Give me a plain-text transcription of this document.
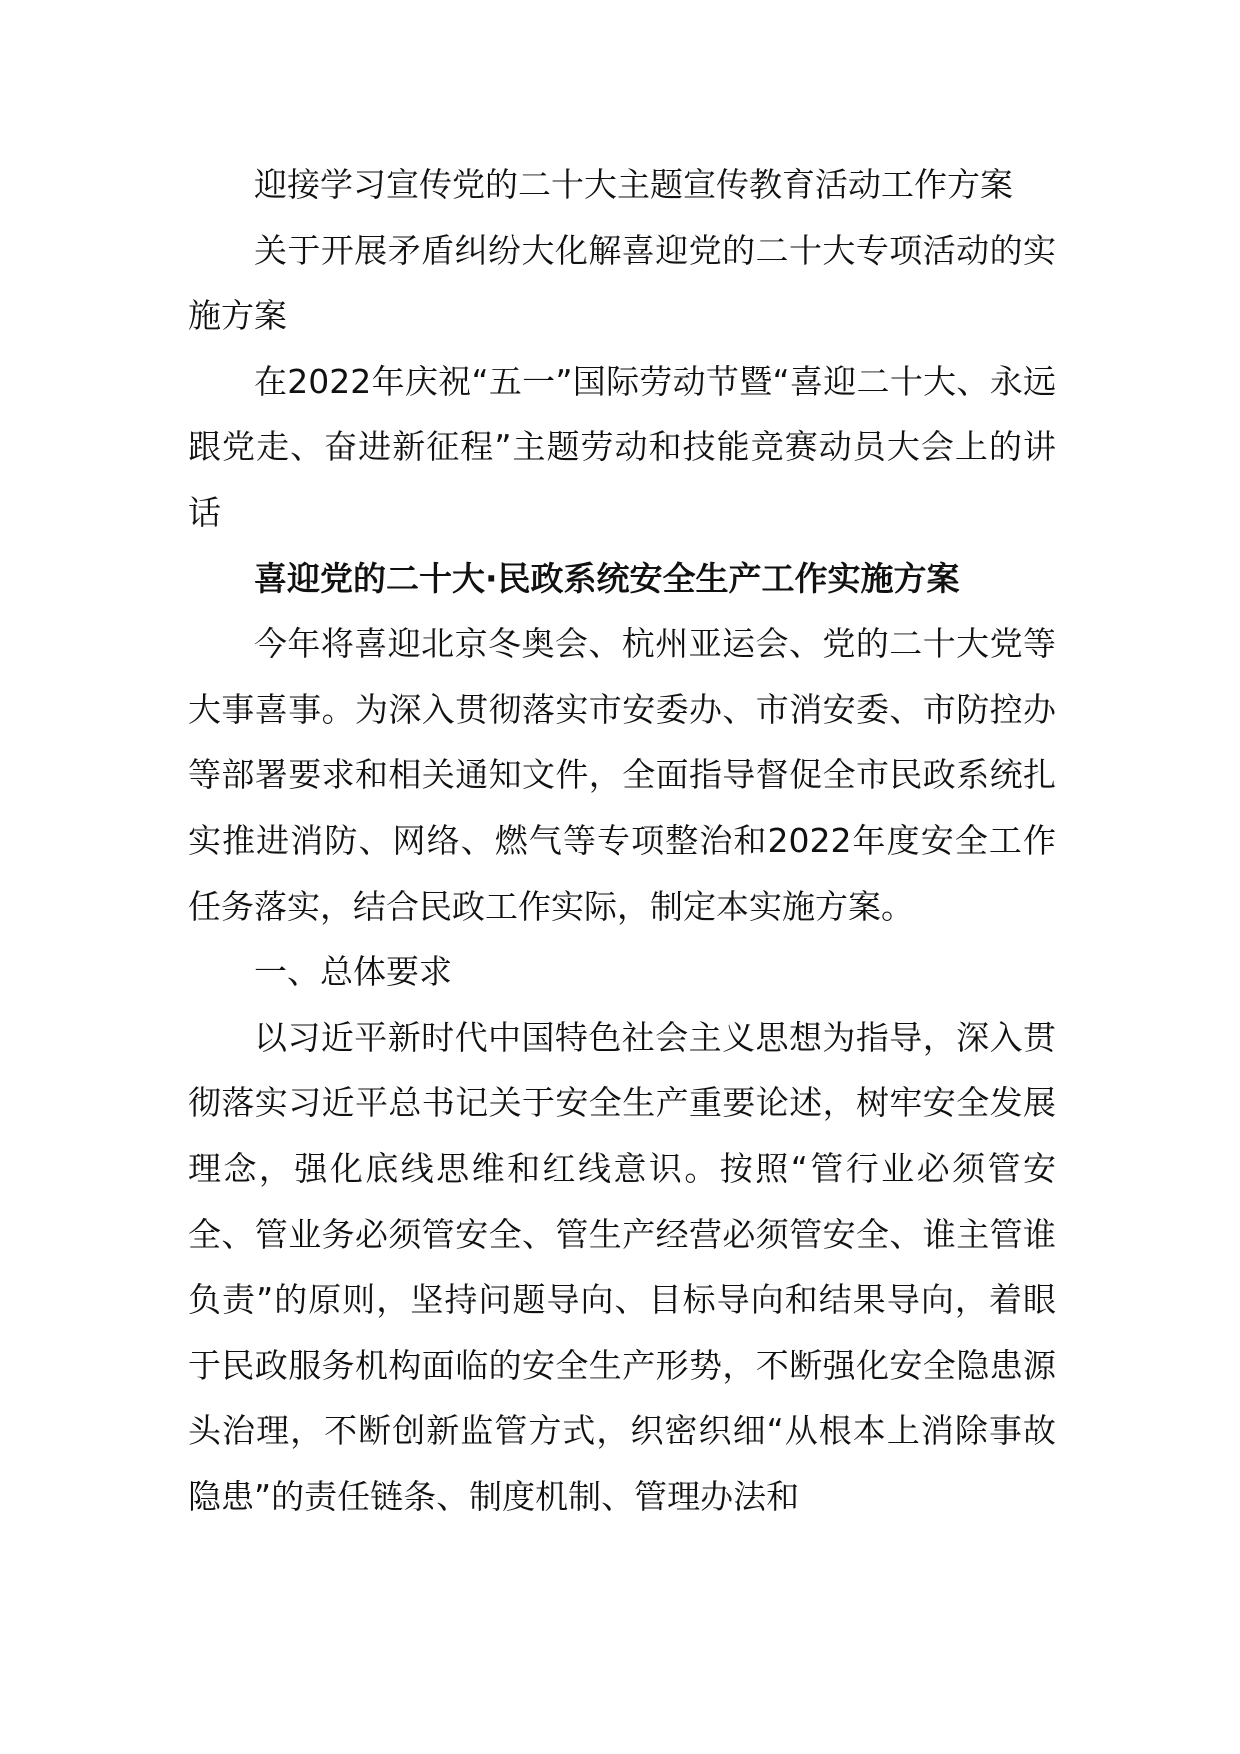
迎接学习宣传党的二十大主题宣传教育活动工作方案

关于开展矛盾纠纷大化解喜迎党的二十大专项活动的实施方案

在2022年庆祝“五一”国际劳动节暨“喜迎二十大、永远跟党走、奋进新征程”主题劳动和技能竞赛动员大会上的讲话

喜迎党的二十大·民政系统安全生产工作实施方案

今年将喜迎北京冬奥会、杭州亚运会、党的二十大党等大事喜事。为深入贯彻落实市安委办、市消安委、市防控办等部署要求和相关通知文件，全面指导督促全市民政系统扎实推进消防、网络、燃气等专项整治和2022年度安全工作任务落实，结合民政工作实际，制定本实施方案。

一、总体要求

以习近平新时代中国特色社会主义思想为指导，深入贯彻落实习近平总书记关于安全生产重要论述，树牢安全发展理念，强化底线思维和红线意识。按照“管行业必须管安全、管业务必须管安全、管生产经营必须管安全、谁主管谁负责”的原则，坚持问题导向、目标导向和结果导向，着眼于民政服务机构面临的安全生产形势，不断强化安全隐患源头治理，不断创新监管方式，织密织细“从根本上消除事故隐患”的责任链条、制度机制、管理办法和
